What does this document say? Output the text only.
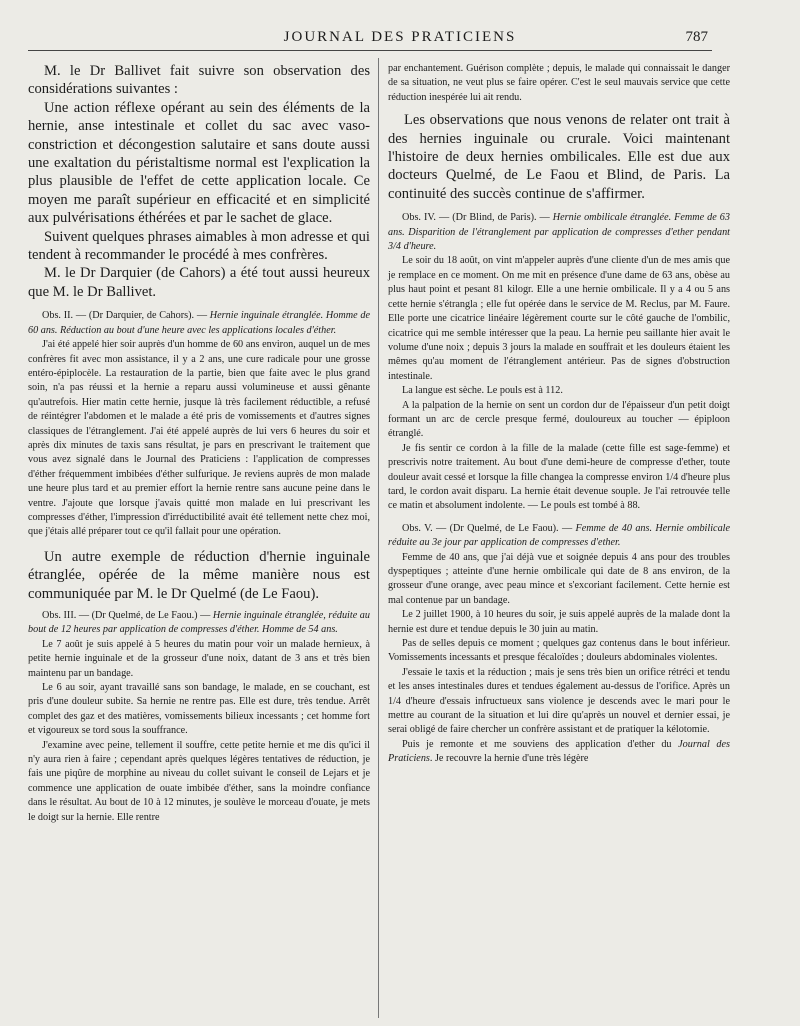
JOURNAL DES PRATICIENS	787

M. le Dr Ballivet fait suivre son observation des considérations suivantes :

Une action réflexe opérant au sein des éléments de la hernie, anse intestinale et collet du sac avec vaso-constriction et décongestion salutaire et sans doute aussi une exaltation du péristaltisme normal est l'explication la plus plausible de l'effet de cette application locale. Ce moyen me paraît supérieur en efficacité et en simplicité aux pulvérisations éthérées et par le sachet de glace.

Suivent quelques phrases aimables à mon adresse et qui tendent à recommander le procédé à mes confrères.

M. le Dr Darquier (de Cahors) a été tout aussi heureux que M. le Dr Ballivet.

Obs. II. — (Dr Darquier, de Cahors). — Hernie inguinale étranglée. Homme de 60 ans. Réduction au bout d'une heure avec les applications locales d'éther.

J'ai été appelé hier soir auprès d'un homme de 60 ans environ, auquel un de mes confrères fit avec mon assistance, il y a 2 ans, une cure radicale pour une grosse entéro-épiplocèle. La restauration de la partie, bien que faite avec le plus grand soin, n'a pas réussi et la hernie a reparu aussi volumineuse et aussi gênante qu'autrefois. Hier matin cette hernie, jusque là très facilement réductible, a refusé de réintégrer l'abdomen et le malade a été pris de vomissements et d'autres signes classiques de l'étranglement. J'ai été appelé auprès de lui vers 6 heures du soir et après dix minutes de taxis sans résultat, je pars en prescrivant le traitement que vous avez signalé dans le Journal des Praticiens : l'application de compresses d'éther fréquemment imbibées d'éther sulfurique. Je reviens auprès de mon malade une heure plus tard et au premier effort la hernie rentre sans aucune peine dans le ventre. J'ajoute que lorsque j'avais quitté mon malade en lui prescrivant les compresses d'éther, l'impression d'irréductibilité avait été tellement nette chez moi, que j'étais allé préparer tout ce qu'il fallait pour une opération.

Un autre exemple de réduction d'hernie inguinale étranglée, opérée de la même manière nous est communiquée par M. le Dr Quelmé (de Le Faou).

Obs. III. — (Dr Quelmé, de Le Faou.) — Hernie inguinale étranglée, réduite au bout de 12 heures par application de compresses d'éther. Homme de 54 ans.

Le 7 août je suis appelé à 5 heures du matin pour voir un malade hernieux, à petite hernie inguinale et de la grosseur d'une noix, datant de 3 ans et très bien maintenu par un bandage.

Le 6 au soir, ayant travaillé sans son bandage, le malade, en se couchant, est pris d'une douleur subite. Sa hernie ne rentre pas. Elle est dure, très tendue. Arrêt complet des gaz et des matières, vomissements bilieux incessants ; cet homme fort et vigoureux se tord sous la souffrance.

J'examine avec peine, tellement il souffre, cette petite hernie et me dis qu'ici il n'y aura rien à faire ; cependant après quelques légères tentatives de réduction, je fais une piqûre de morphine au niveau du collet suivant le conseil de Lejars et je commence une application de ouate imbibée d'éther, sans la moindre confiance dans le résultat. Au bout de 10 à 12 minutes, je soulève le morceau d'ouate, je mets le doigt sur la hernie. Elle rentre

par enchantement. Guérison complète ; depuis, le malade qui connaissait le danger de sa situation, ne veut plus se faire opérer. C'est le seul mauvais service que cette réduction inespérée lui ait rendu.

Les observations que nous venons de relater ont trait à des hernies inguinale ou crurale. Voici maintenant l'histoire de deux hernies ombilicales. Elle est due aux docteurs Quelmé, de Le Faou et Blind, de Paris. La continuité des succès continue de s'affirmer.

Obs. IV. — (Dr Blind, de Paris). — Hernie ombilicale étranglée. Femme de 63 ans. Disparition de l'étranglement par application de compresses d'ether pendant 3/4 d'heure.

Le soir du 18 août, on vint m'appeler auprès d'une cliente d'un de mes amis que je remplace en ce moment. On me mit en présence d'une dame de 63 ans, obèse au plus haut point et pesant 81 kilogr. Elle a une hernie ombilicale. Il y a 4 ou 5 ans cette hernie s'étrangla ; elle fut opérée dans le service de M. Reclus, par M. Faure. Elle porte une cicatrice linéaire légèrement courte sur le côté gauche de l'ombilic, cicatrice qui me semble intéresser que la peau. La hernie peu saillante hier avait le volume d'une noix ; depuis 3 jours la malade en souffrait et les douleurs étaient les mêmes qu'au moment de l'étranglement antérieur. Pas de signes d'obstruction intestinale.

La langue est sèche. Le pouls est à 112.

A la palpation de la hernie on sent un cordon dur de l'épaisseur d'un petit doigt formant un arc de cercle presque fermé, douloureux au toucher — épiploon étranglé.

Je fis sentir ce cordon à la fille de la malade (cette fille est sage-femme) et prescrivis notre traitement. Au bout d'une demi-heure de compresse d'ether, toute douleur avait cessé et lorsque la fille changea la compresse environ 1/4 d'heure plus tard, le cordon avait disparu. La hernie était devenue souple. Je l'ai retrouvée telle ce matin et absolument indolente. — Le pouls est tombé à 88.

Obs. V. — (Dr Quelmé, de Le Faou). — Femme de 40 ans. Hernie ombilicale réduite au 3e jour par application de compresses d'ether.

Femme de 40 ans, que j'ai déjà vue et soignée depuis 4 ans pour des troubles dyspeptiques ; atteinte d'une hernie ombilicale qui date de 8 ans environ, de la grosseur d'une orange, avec peau mince et s'excoriant facilement. Cette hernie est mal contenue par un bandage.

Le 2 juillet 1900, à 10 heures du soir, je suis appelé auprès de la malade dont la hernie est dure et tendue depuis le 30 juin au matin.

Pas de selles depuis ce moment ; quelques gaz contenus dans le bout inférieur. Vomissements incessants et presque fécaloïdes ; douleurs abdominales violentes.

J'essaie le taxis et la réduction ; mais je sens très bien un orifice rétréci et tendu et les anses intestinales dures et tendues également au-dessus de l'orifice. Après un 1/4 d'heure d'essais infructueux sans violence je descends avec le mari pour le mettre au courant de la situation et lui dire qu'après un nouvel et dernier essai, je serai obligé de faire chercher un confrère assistant et de pratiquer la kélotomie.

Puis je remonte et me souviens des application d'ether du Journal des Praticiens. Je recouvre la hernie d'une très légère
